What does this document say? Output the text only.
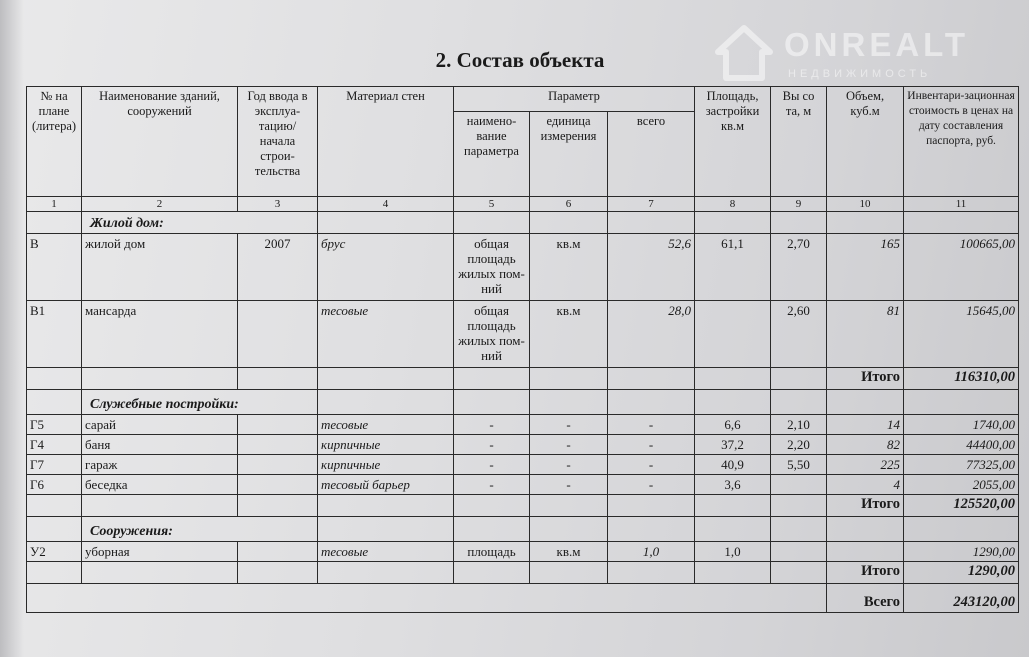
ONREALT
НЕДВИЖИМОСТЬ
2. Состав объекта
№ на плане (литера)	Наименование зданий, сооружений	Год ввода в эксплуа-тацию/ начала строи-тельства	Материал стен	Параметр			Площадь, застройки кв.м	Вы со та, м	Объем, куб.м	Инвентари-зационная стоимость в ценах на дату составления паспорта, руб.
				наимено-вание параметра	единица измерения	всего				
1	2	3	4	5	6	7	8	9	10	11
	Жилой дом:									
В	жилой дом	2007	брус	общая площадь жилых пом-ний	кв.м	52,6	61,1	2,70	165	100665,00
В1	мансарда		тесовые	общая площадь жилых пом-ний	кв.м	28,0		2,60	81	15645,00
									Итого	116310,00
	Служебные постройки:									
Г5	сарай		тесовые	-	-	-	6,6	2,10	14	1740,00
Г4	баня		кирпичные	-	-	-	37,2	2,20	82	44400,00
Г7	гараж		кирпичные	-	-	-	40,9	5,50	225	77325,00
Г6	беседка		тесовый барьер	-	-	-	3,6		4	2055,00
									Итого	125520,00
	Сооружения:									
У2	уборная		тесовые	площадь	кв.м	1,0	1,0			1290,00
									Итого	1290,00
									Всего	243120,00
